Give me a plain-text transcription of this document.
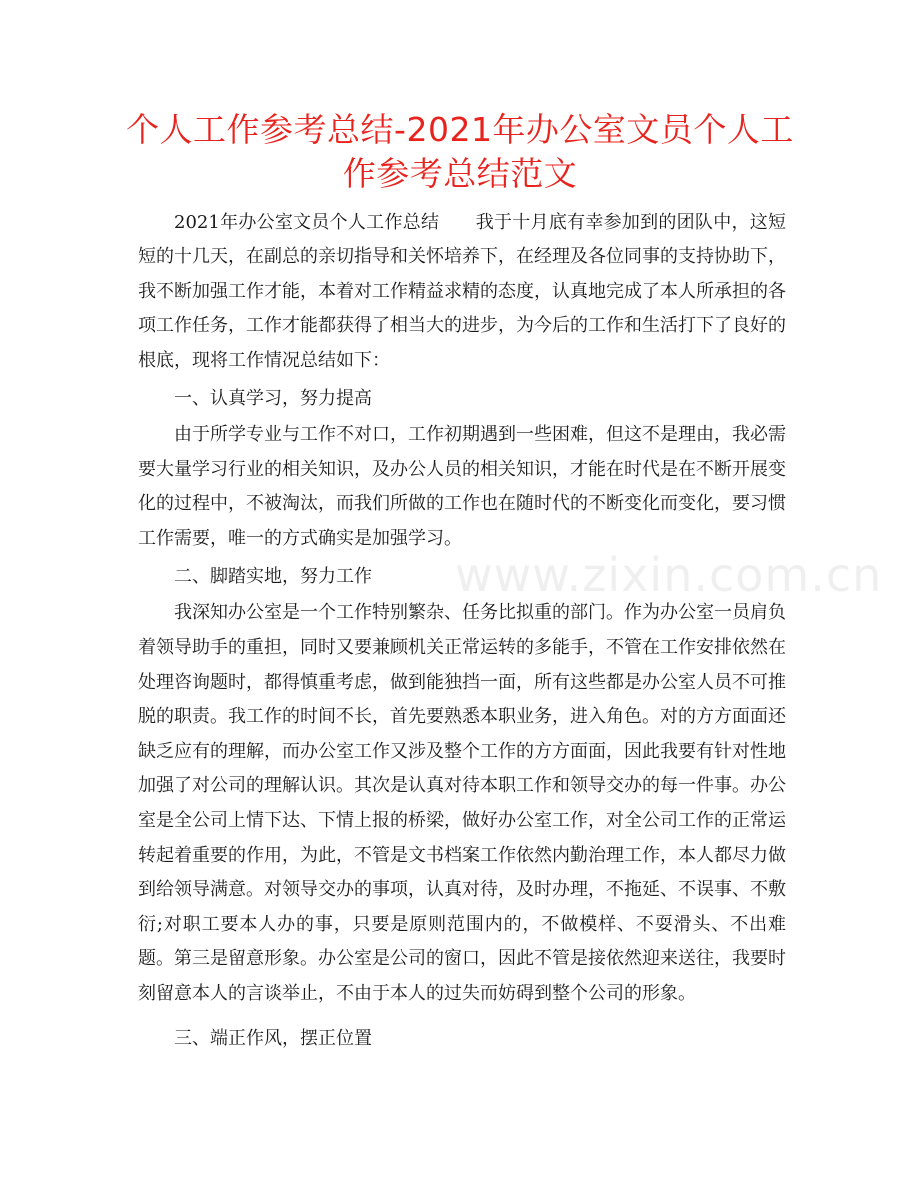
个人工作参考总结-2021年办公室文员个人工作参考总结范文
www.zixin.com.cn

2021年办公室文员个人工作总结　　我于十月底有幸参加到的团队中，这短短的十几天，在副总的亲切指导和关怀培养下，在经理及各位同事的支持协助下，我不断加强工作才能，本着对工作精益求精的态度，认真地完成了本人所承担的各项工作任务，工作才能都获得了相当大的进步，为今后的工作和生活打下了良好的根底，现将工作情况总结如下：

一、认真学习，努力提高

由于所学专业与工作不对口，工作初期遇到一些困难，但这不是理由，我必需要大量学习行业的相关知识，及办公人员的相关知识，才能在时代是在不断开展变化的过程中，不被淘汰，而我们所做的工作也在随时代的不断变化而变化，要习惯工作需要，唯一的方式确实是加强学习。

二、脚踏实地，努力工作

我深知办公室是一个工作特别繁杂、任务比拟重的部门。作为办公室一员肩负着领导助手的重担，同时又要兼顾机关正常运转的多能手，不管在工作安排依然在处理咨询题时，都得慎重考虑，做到能独挡一面，所有这些都是办公室人员不可推脱的职责。我工作的时间不长，首先要熟悉本职业务，进入角色。对的方方面面还缺乏应有的理解，而办公室工作又涉及整个工作的方方面面，因此我要有针对性地加强了对公司的理解认识。其次是认真对待本职工作和领导交办的每一件事。办公室是全公司上情下达、下情上报的桥梁，做好办公室工作，对全公司工作的正常运转起着重要的作用，为此，不管是文书档案工作依然内勤治理工作，本人都尽力做到给领导满意。对领导交办的事项，认真对待，及时办理，不拖延、不误事、不敷衍;对职工要本人办的事，只要是原则范围内的，不做模样、不耍滑头、不出难题。第三是留意形象。办公室是公司的窗口，因此不管是接依然迎来送往，我要时刻留意本人的言谈举止，不由于本人的过失而妨碍到整个公司的形象。

三、端正作风，摆正位置
